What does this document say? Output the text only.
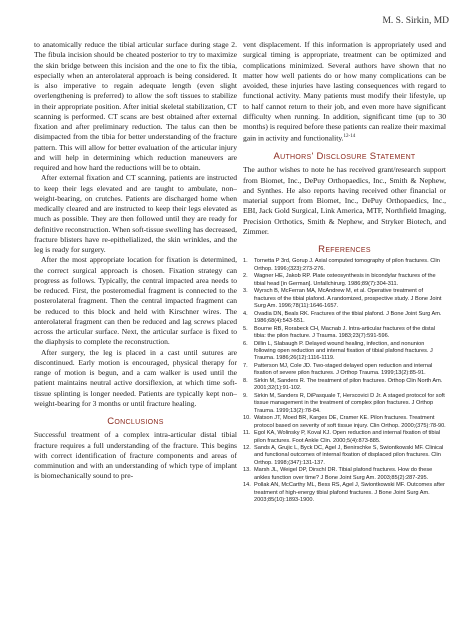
M. S. Sirkin, MD

to anatomically reduce the tibial articular surface during stage 2. The fibula incision should be cheated posterior to try to maximize the skin bridge between this incision and the one to fix the tibia, especially when an anterolateral approach is being considered. It is also imperative to regain adequate length (even slight overlengthening is preferred) to allow the soft tissues to stabilize in their appropriate position. After initial skeletal stabilization, CT scanning is performed. CT scans are best obtained after external fixation and after preliminary reduction. The talus can then be disimpacted from the tibia for better understanding of the fracture pattern. This will allow for better evaluation of the articular injury and will help in determining which reduction maneuvers are required and how hard the reductions will be to obtain.

After external fixation and CT scanning, patients are instructed to keep their legs elevated and are taught to ambulate, non–weight-bearing, on crutches. Patients are discharged home when medically cleared and are instructed to keep their legs elevated as much as possible. They are then followed until they are ready for definitive reconstruction. When soft-tissue swelling has decreased, fracture blisters have re-epithelialized, the skin wrinkles, and the leg is ready for surgery.

After the most appropriate location for fixation is determined, the correct surgical approach is chosen. Fixation strategy can progress as follows. Typically, the central impacted area needs to be reduced. First, the posteromedial fragment is connected to the posterolateral fragment. Then the central impacted fragment can be reduced to this block and held with Kirschner wires. The anterolateral fragment can then be reduced and lag screws placed across the articular surface. Next, the articular surface is fixed to the diaphysis to complete the reconstruction.

After surgery, the leg is placed in a cast until sutures are discontinued. Early motion is encouraged, physical therapy for range of motion is begun, and a cam walker is used until the patient maintains neutral active dorsiflexion, at which time soft-tissue splinting is longer needed. Patients are typically kept non–weight-bearing for 3 months or until fracture healing.

Conclusions

Successful treatment of a complex intra-articular distal tibial fracture requires a full understanding of the fracture. This begins with correct identification of fracture components and areas of comminution and with an understanding of which type of implant is biomechanically sound to pre-

vent displacement. If this information is appropriately used and surgical timing is appropriate, treatment can be optimized and complications minimized. Several authors have shown that no matter how well patients do or how many complications can be avoided, these injuries have lasting consequences with regard to functional activity. Many patients must modify their lifestyle, up to half cannot return to their job, and even more have significant difficulty when running. In addition, significant time (up to 30 months) is required before these patients can realize their maximal gain in activity and functionality.$^{12-14}$

Authors' Disclosure Statement

The author wishes to note he has received grant/research support from Biomet, Inc., DePuy Orthopaedics, Inc., Smith & Nephew, and Synthes. He also reports having received other financial or material support from Biomet, Inc., DePuy Orthopaedics, Inc., EBI, Jack Gold Surgical, Link America, MTF, Northfield Imaging, Precision Orthotics, Smith & Nephew, and Stryker Biotech, and Zimmer.

References
1.	Tornetta P 3rd, Gorup J. Axial computed tomography of pilon fractures. Clin Orthop. 1996;(323):273-276.
2.	Wagner HE, Jakob RP. Plate osteosynthesis in bicondylar fractures of the tibial head [in German]. Unfallchirurg. 1986;89(7):304-311.
3.	Wyrsch B, McFerran MA, McAndrew M, et al. Operative treatment of fractures of the tibial plafond. A randomized, prospective study. J Bone Joint Surg Am. 1996;78(11):1646-1657.
4.	Ovadia DN, Beals RK. Fractures of the tibial plafond. J Bone Joint Surg Am. 1986;68(4):543-551.
5.	Bourne RB, Rorabeck CH, Macnab J. Intra-articular fractures of the distal tibia: the pilon fracture. J Trauma. 1983;23(7):591-596.
6.	Dillin L, Slabaugh P. Delayed wound healing, infection, and nonunion following open reduction and internal fixation of tibial plafond fractures. J Trauma. 1986;26(12):1116-1119.
7.	Patterson MJ, Cole JD. Two-staged delayed open reduction and internal fixation of severe pilon fractures. J Orthop Trauma. 1999;13(2):85-91.
8.	Sirkin M, Sanders R. The treatment of pilon fractures. Orthop Clin North Am. 2001;32(1):91-102.
9.	Sirkin M, Sanders R, DiPasquale T, Herscovici D Jr. A staged protocol for soft tissue management in the treatment of complex pilon fractures. J Orthop Trauma. 1999;13(2):78-84.
10. Watson JT, Moed BR, Karges DE, Cramer KE. Pilon fractures. Treatment protocol based on severity of soft tissue injury. Clin Orthop. 2000;(375):78-90.
11. Egol KA, Wolinsky P, Koval KJ. Open reduction and internal fixation of tibial pilon fractures. Foot Ankle Clin. 2000;5(4):873-885.
12. Sands A, Grujic L, Byck DC, Agel J, Benirschke S, Swiontkowski MF. Clinical and functional outcomes of internal fixation of displaced pilon fractures. Clin Orthop. 1998;(347):131-137.
13. Marsh JL, Weigel DP, Dirschl DR. Tibial plafond fractures. How do these ankles function over time? J Bone Joint Surg Am. 2003;85(2):287-295.
14. Pollak AN, McCarthy ML, Bess RS, Agel J, Swiontkowski MF. Outcomes after treatment of high-energy tibial plafond fractures. J Bone Joint Surg Am. 2003;85(10):1893-1900.
